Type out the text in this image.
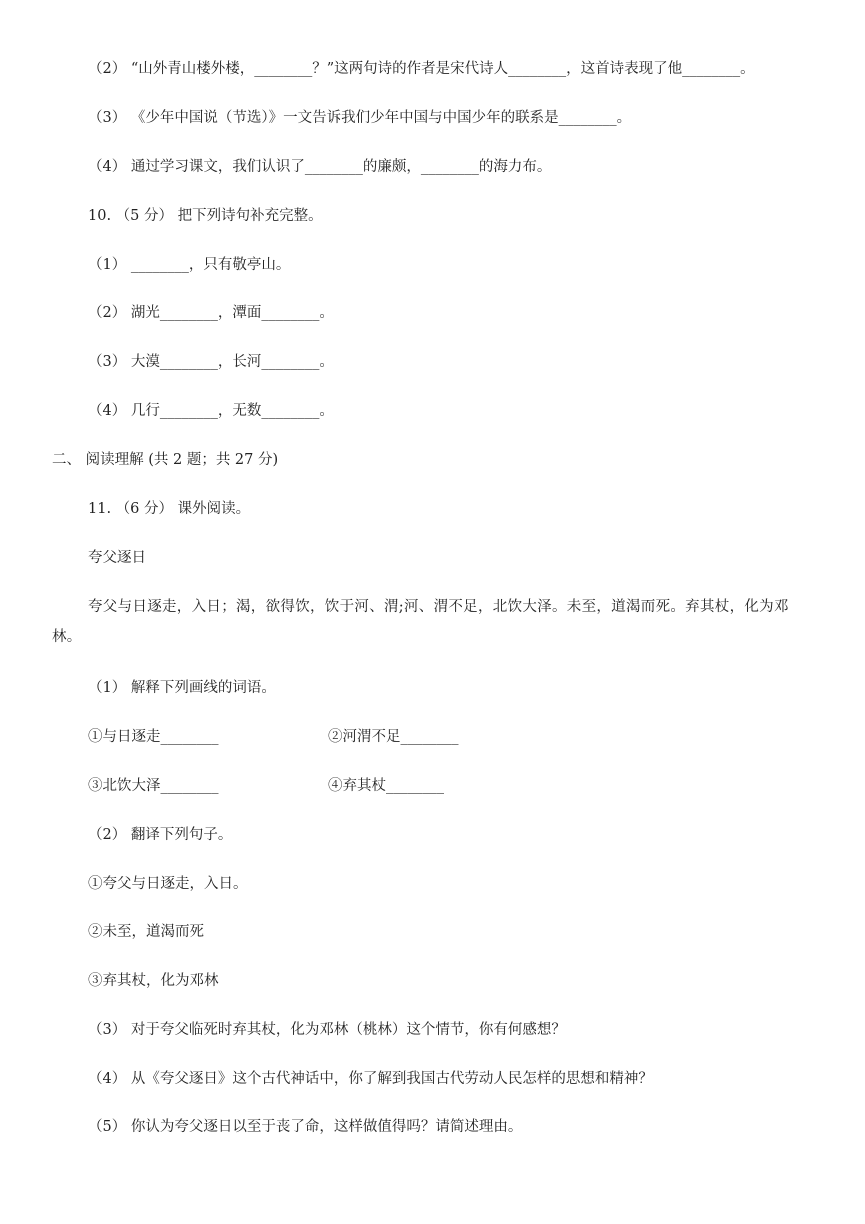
（2） “山外青山楼外楼，________？”这两句诗的作者是宋代诗人________，这首诗表现了他________。
（3） 《少年中国说（节选）》一文告诉我们少年中国与中国少年的联系是________。
（4） 通过学习课文，我们认识了________的廉颇，________的海力布。
10. （5 分） 把下列诗句补充完整。
（1） ________，只有敬亭山。
（2） 湖光________，潭面________。
（3） 大漠________，长河________。
（4） 几行________，无数________。
二、 阅读理解 (共 2 题；共 27 分)
11. （6 分） 课外阅读。
夸父逐日
夸父与日逐走，入日；渴，欲得饮，饮于河、渭;河、渭不足，北饮大泽。未至，道渴而死。弃其杖，化为邓林。
（1） 解释下列画线的词语。
①与日逐走________	②河渭不足________
③北饮大泽________	④弃其杖________
（2） 翻译下列句子。
①夸父与日逐走，入日。
②未至，道渴而死
③弃其杖，化为邓林
（3） 对于夸父临死时弃其杖，化为邓林（桃林）这个情节，你有何感想？
（4） 从《夸父逐日》这个古代神话中，你了解到我国古代劳动人民怎样的思想和精神？
（5） 你认为夸父逐日以至于丧了命，这样做值得吗？请简述理由。
